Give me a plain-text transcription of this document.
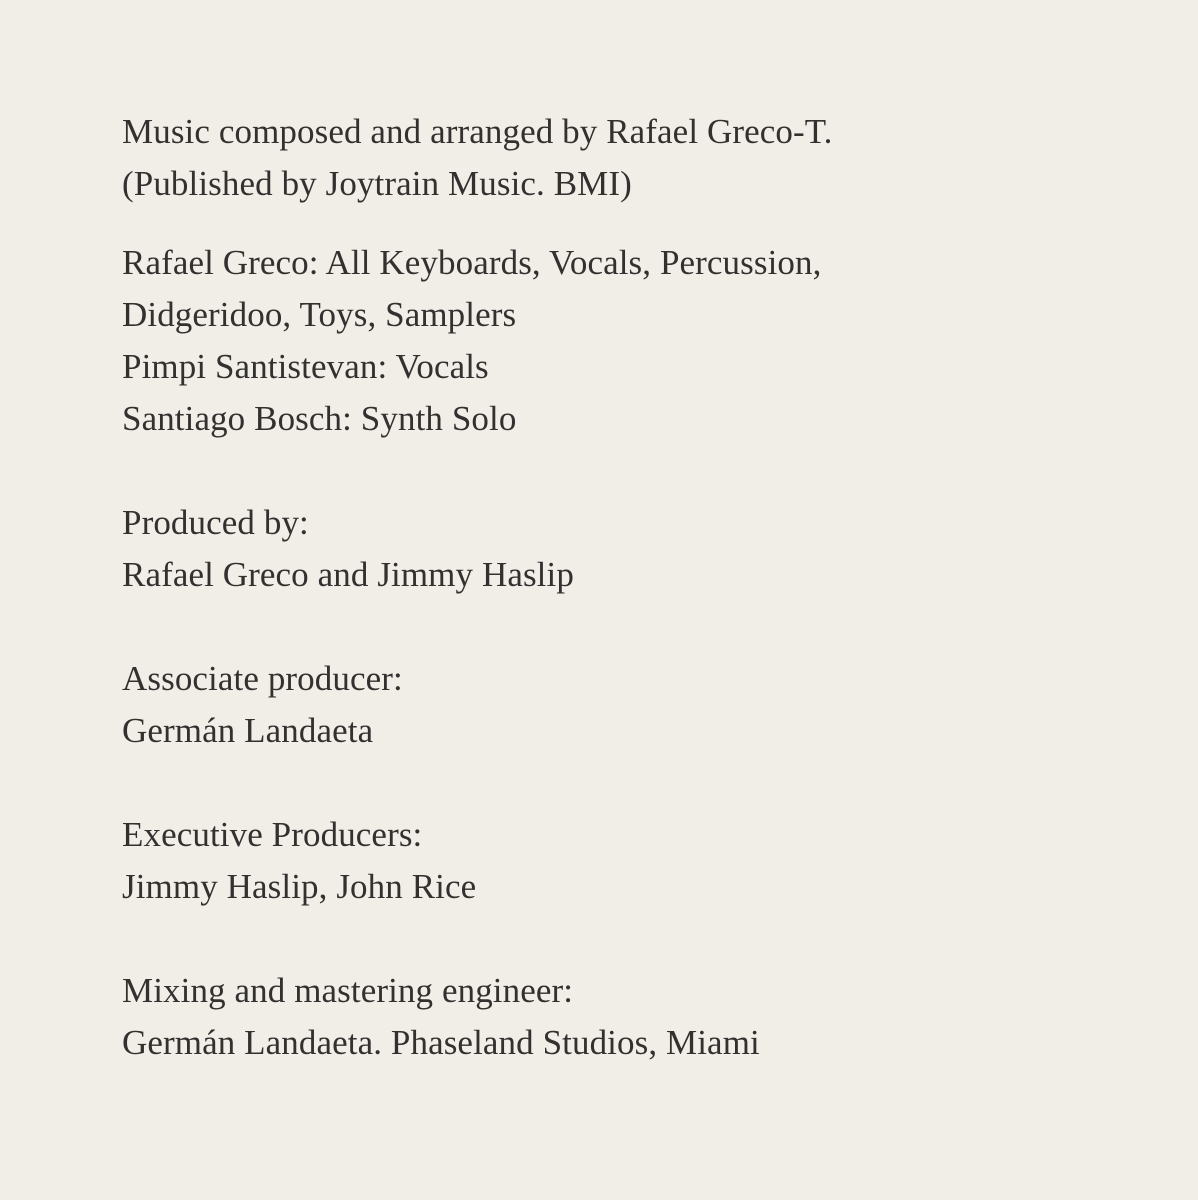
Music composed and arranged by Rafael Greco-T.
(Published by Joytrain Music. BMI)
Rafael Greco: All Keyboards, Vocals, Percussion,
Didgeridoo, Toys, Samplers
Pimpi Santistevan: Vocals
Santiago Bosch: Synth Solo
Produced by:
Rafael Greco and Jimmy Haslip
Associate producer:
Germán Landaeta
Executive Producers:
Jimmy Haslip, John Rice
Mixing and mastering engineer:
Germán Landaeta. Phaseland Studios, Miami
